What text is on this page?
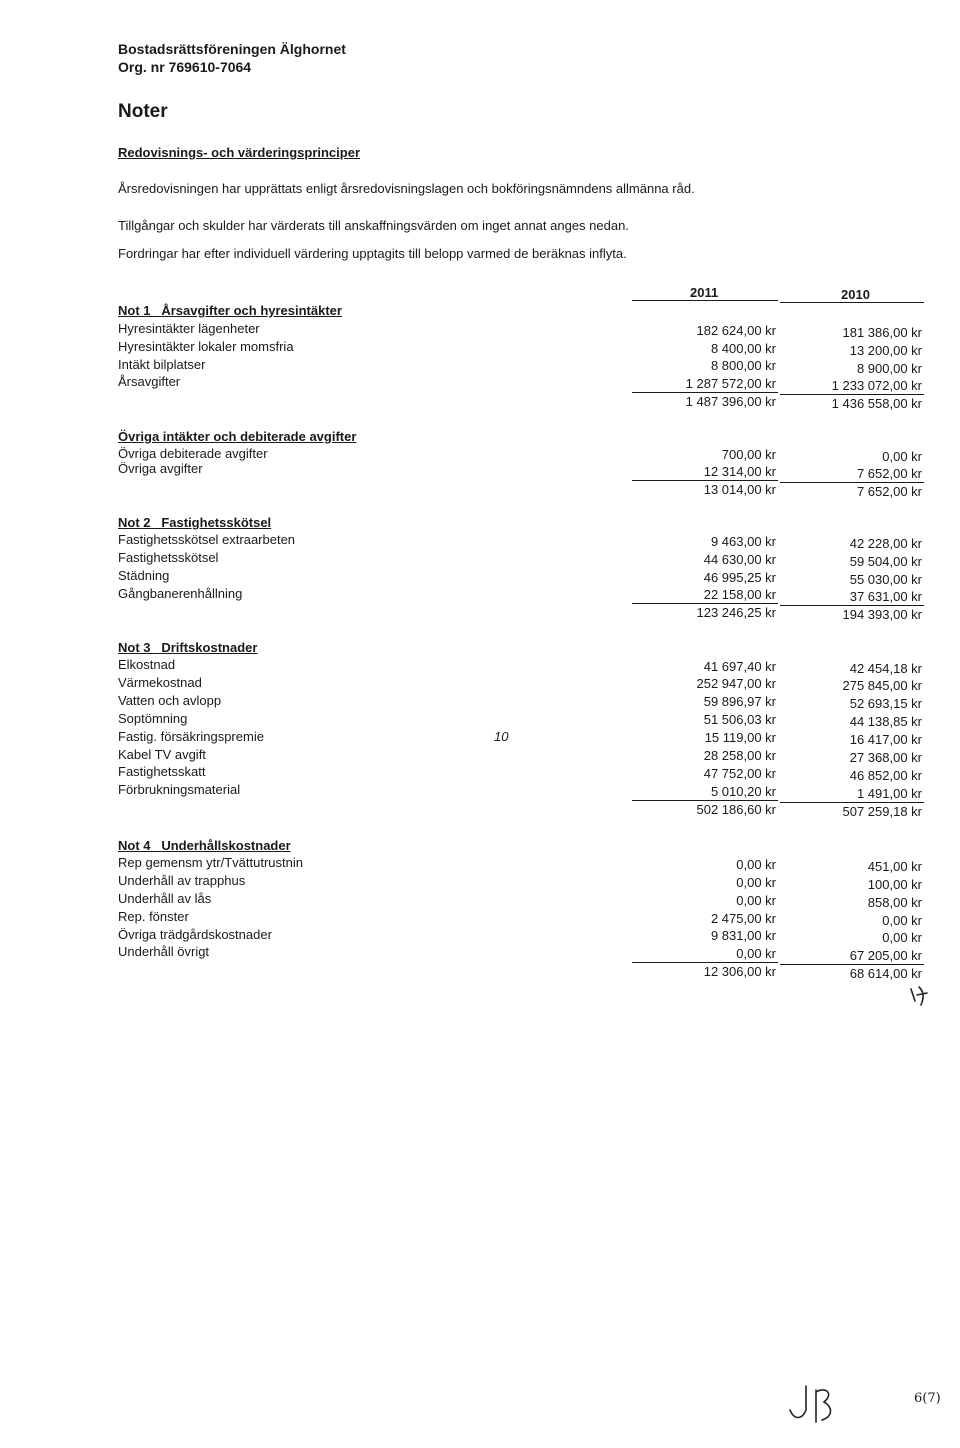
Bostadsrättsföreningen Älghornet
Org. nr 769610-7064
Noter
Redovisnings- och värderingsprinciper
Årsredovisningen har upprättats enligt årsredovisningslagen och bokföringsnämndens allmänna råd.
Tillgångar och skulder har värderats till anskaffningsvärden om inget annat anges nedan.
Fordringar har efter individuell värdering upptagits till belopp varmed de beräknas inflyta.
2011	2010
Not 1 Årsavgifter och hyresintäkter
Hyresintäkter lägenheter	182 624,00 kr	181 386,00 kr
Hyresintäkter lokaler momsfria	8 400,00 kr	13 200,00 kr
Intäkt bilplatser	8 800,00 kr	8 900,00 kr
Årsavgifter	1 287 572,00 kr	1 233 072,00 kr
1 487 396,00 kr	1 436 558,00 kr
Övriga intäkter och debiterade avgifter
Övriga debiterade avgifter	700,00 kr	0,00 kr
Övriga avgifter	12 314,00 kr	7 652,00 kr
13 014,00 kr	7 652,00 kr
Not 2 Fastighetsskötsel
Fastighetsskötsel extraarbeten	9 463,00 kr	42 228,00 kr
Fastighetsskötsel	44 630,00 kr	59 504,00 kr
Städning	46 995,25 kr	55 030,00 kr
Gångbanerenhållning	22 158,00 kr	37 631,00 kr
123 246,25 kr	194 393,00 kr
Not 3 Driftskostnader
Elkostnad	41 697,40 kr	42 454,18 kr
Värmekostnad	252 947,00 kr	275 845,00 kr
Vatten och avlopp	59 896,97 kr	52 693,15 kr
Soptömning	51 506,03 kr	44 138,85 kr
Fastig. försäkringspremie	10	15 119,00 kr	16 417,00 kr
Kabel TV avgift	28 258,00 kr	27 368,00 kr
Fastighetsskatt	47 752,00 kr	46 852,00 kr
Förbrukningsmaterial	5 010,20 kr	1 491,00 kr
502 186,60 kr	507 259,18 kr
Not 4 Underhållskostnader
Rep gemensm ytr/Tvättutrustnin	0,00 kr	451,00 kr
Underhåll av trapphus	0,00 kr	100,00 kr
Underhåll av lås	0,00 kr	858,00 kr
Rep. fönster	2 475,00 kr	0,00 kr
Övriga trädgårdskostnader	9 831,00 kr	0,00 kr
Underhåll övrigt	0,00 kr	67 205,00 kr
12 306,00 kr	68 614,00 kr
6(7)
